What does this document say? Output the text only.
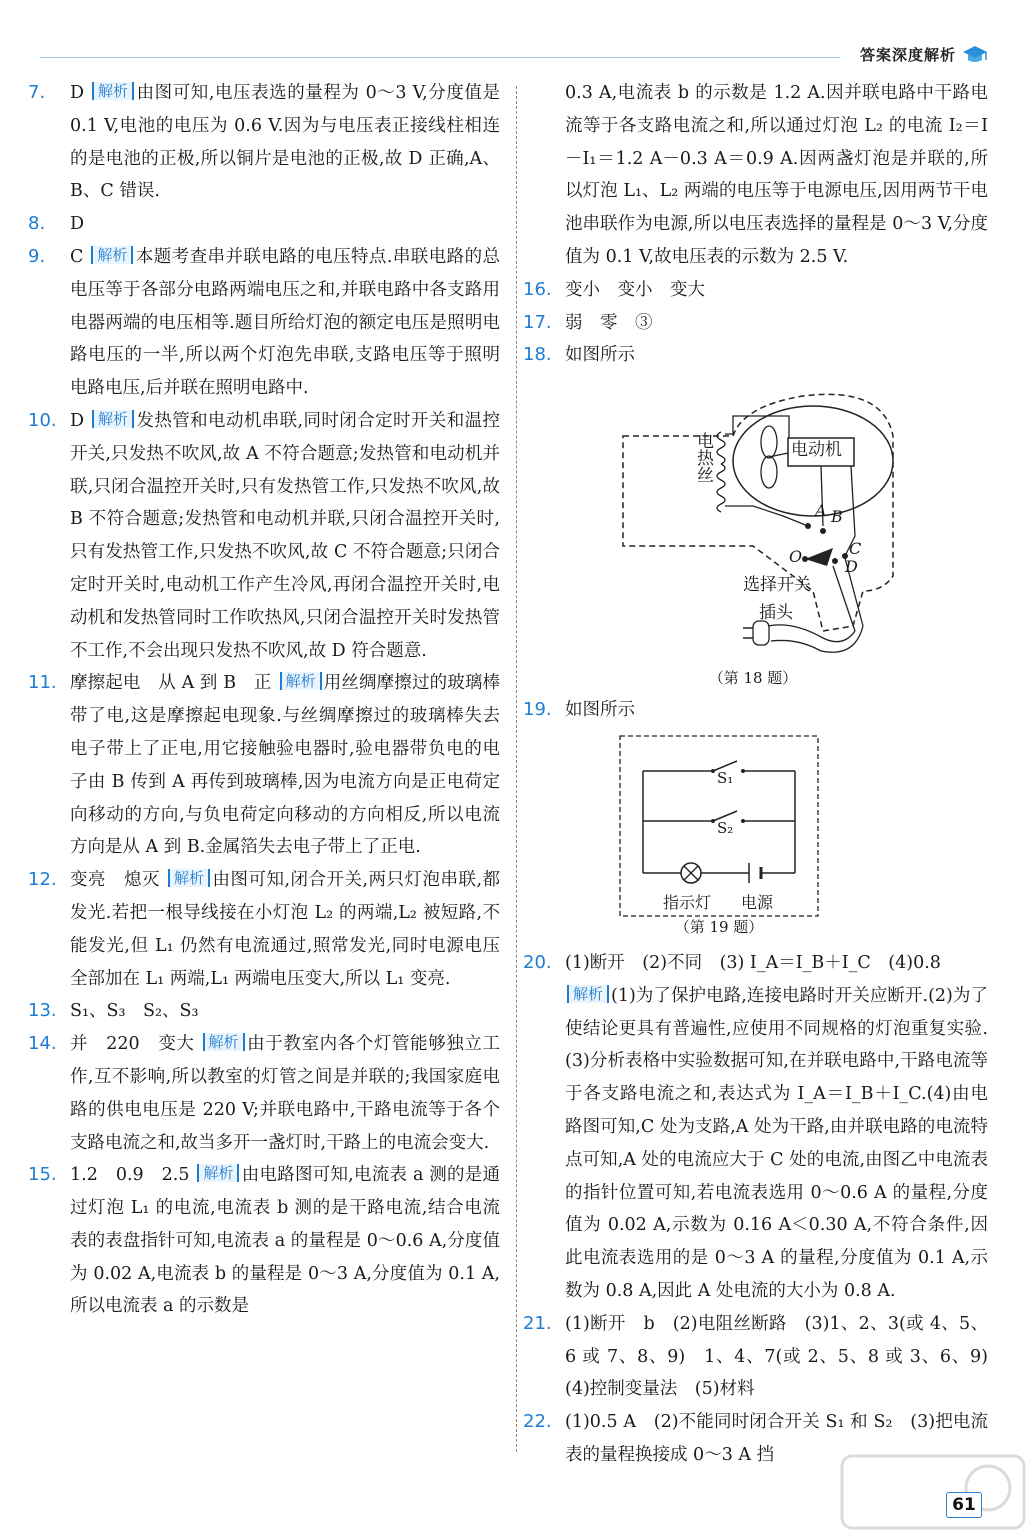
答案深度解析
7. D 解析 由图可知,电压表选的量程为 0～3 V,分度值是 0.1 V,电池的电压为 0.6 V.因为与电压表正接线柱相连的是电池的正极,所以铜片是电池的正极,故 D 正确,A、B、C 错误.
8. D
9. C 解析 本题考查串并联电路的电压特点.串联电路的总电压等于各部分电路两端电压之和,并联电路中各支路用电器两端的电压相等.题目所给灯泡的额定电压是照明电路电压的一半,所以两个灯泡先串联,支路电压等于照明电路电压,后并联在照明电路中.
10. D 解析 发热管和电动机串联,同时闭合定时开关和温控开关,只发热不吹风,故 A 不符合题意;发热管和电动机并联,只闭合温控开关时,只有发热管工作,只发热不吹风,故 B 不符合题意;发热管和电动机并联,只闭合温控开关时,只有发热管工作,只发热不吹风,故 C 不符合题意;只闭合定时开关时,电动机工作产生冷风,再闭合温控开关时,电动机和发热管同时工作吹热风,只闭合温控开关时发热管不工作,不会出现只发热不吹风,故 D 符合题意.
11. 摩擦起电　从 A 到 B　正 解析 用丝绸摩擦过的玻璃棒带了电,这是摩擦起电现象.与丝绸摩擦过的玻璃棒失去电子带上了正电,用它接触验电器时,验电器带负电的电子由 B 传到 A 再传到玻璃棒,因为电流方向是正电荷定向移动的方向,与负电荷定向移动的方向相反,所以电流方向是从 A 到 B.金属箔失去电子带上了正电.
12. 变亮　熄灭 解析 由图可知,闭合开关,两只灯泡串联,都发光.若把一根导线接在小灯泡 L₂ 的两端,L₂ 被短路,不能发光,但 L₁ 仍然有电流通过,照常发光,同时电源电压全部加在 L₁ 两端,L₁ 两端电压变大,所以 L₁ 变亮.
13. S₁、S₃　S₂、S₃
14. 并　220　变大 解析 由于教室内各个灯管能够独立工作,互不影响,所以教室的灯管之间是并联的;我国家庭电路的供电电压是 220 V;并联电路中,干路电流等于各个支路电流之和,故当多开一盏灯时,干路上的电流会变大.
15. 1.2　0.9　2.5 解析 由电路图可知,电流表 a 测的是通过灯泡 L₁ 的电流,电流表 b 测的是干路电流,结合电流表的表盘指针可知,电流表 a 的量程是 0～0.6 A,分度值为 0.02 A,电流表 b 的量程是 0～3 A,分度值为 0.1 A,所以电流表 a 的示数是
0.3 A,电流表 b 的示数是 1.2 A.因并联电路中干路电流等于各支路电流之和,所以通过灯泡 L₂ 的电流 I₂＝I－I₁＝1.2 A－0.3 A＝0.9 A.因两盏灯泡是并联的,所以灯泡 L₁、L₂ 两端的电压等于电源电压,因用两节干电池串联作为电源,所以电压表选择的量程是 0～3 V,分度值为 0.1 V,故电压表的示数为 2.5 V.
16. 变小　变小　变大
17. 弱　零　③
18. 如图所示
电动机
电热丝
A B
C
D
O
选择开关
插头
（第 18 题）
19. 如图所示
S₁
S₂
指示灯 电源
（第 19 题）
20. (1)断开　(2)不同　(3) I_A＝I_B＋I_C　(4)0.8
解析 (1)为了保护电路,连接电路时开关应断开.(2)为了使结论更具有普遍性,应使用不同规格的灯泡重复实验.(3)分析表格中实验数据可知,在并联电路中,干路电流等于各支路电流之和,表达式为 I_A＝I_B＋I_C.(4)由电路图可知,C 处为支路,A 处为干路,由并联电路的电流特点可知,A 处的电流应大于 C 处的电流,由图乙中电流表的指针位置可知,若电流表选用 0～0.6 A 的量程,分度值为 0.02 A,示数为 0.16 A＜0.30 A,不符合条件,因此电流表选用的是 0～3 A 的量程,分度值为 0.1 A,示数为 0.8 A,因此 A 处电流的大小为 0.8 A.
21. (1)断开　b　(2)电阻丝断路　(3)1、2、3(或 4、5、6 或 7、8、9)　1、4、7(或 2、5、8 或 3、6、9)　(4)控制变量法　(5)材料
22. (1)0.5 A　(2)不能同时闭合开关 S₁ 和 S₂　(3)把电流表的量程换接成 0～3 A 挡
61
